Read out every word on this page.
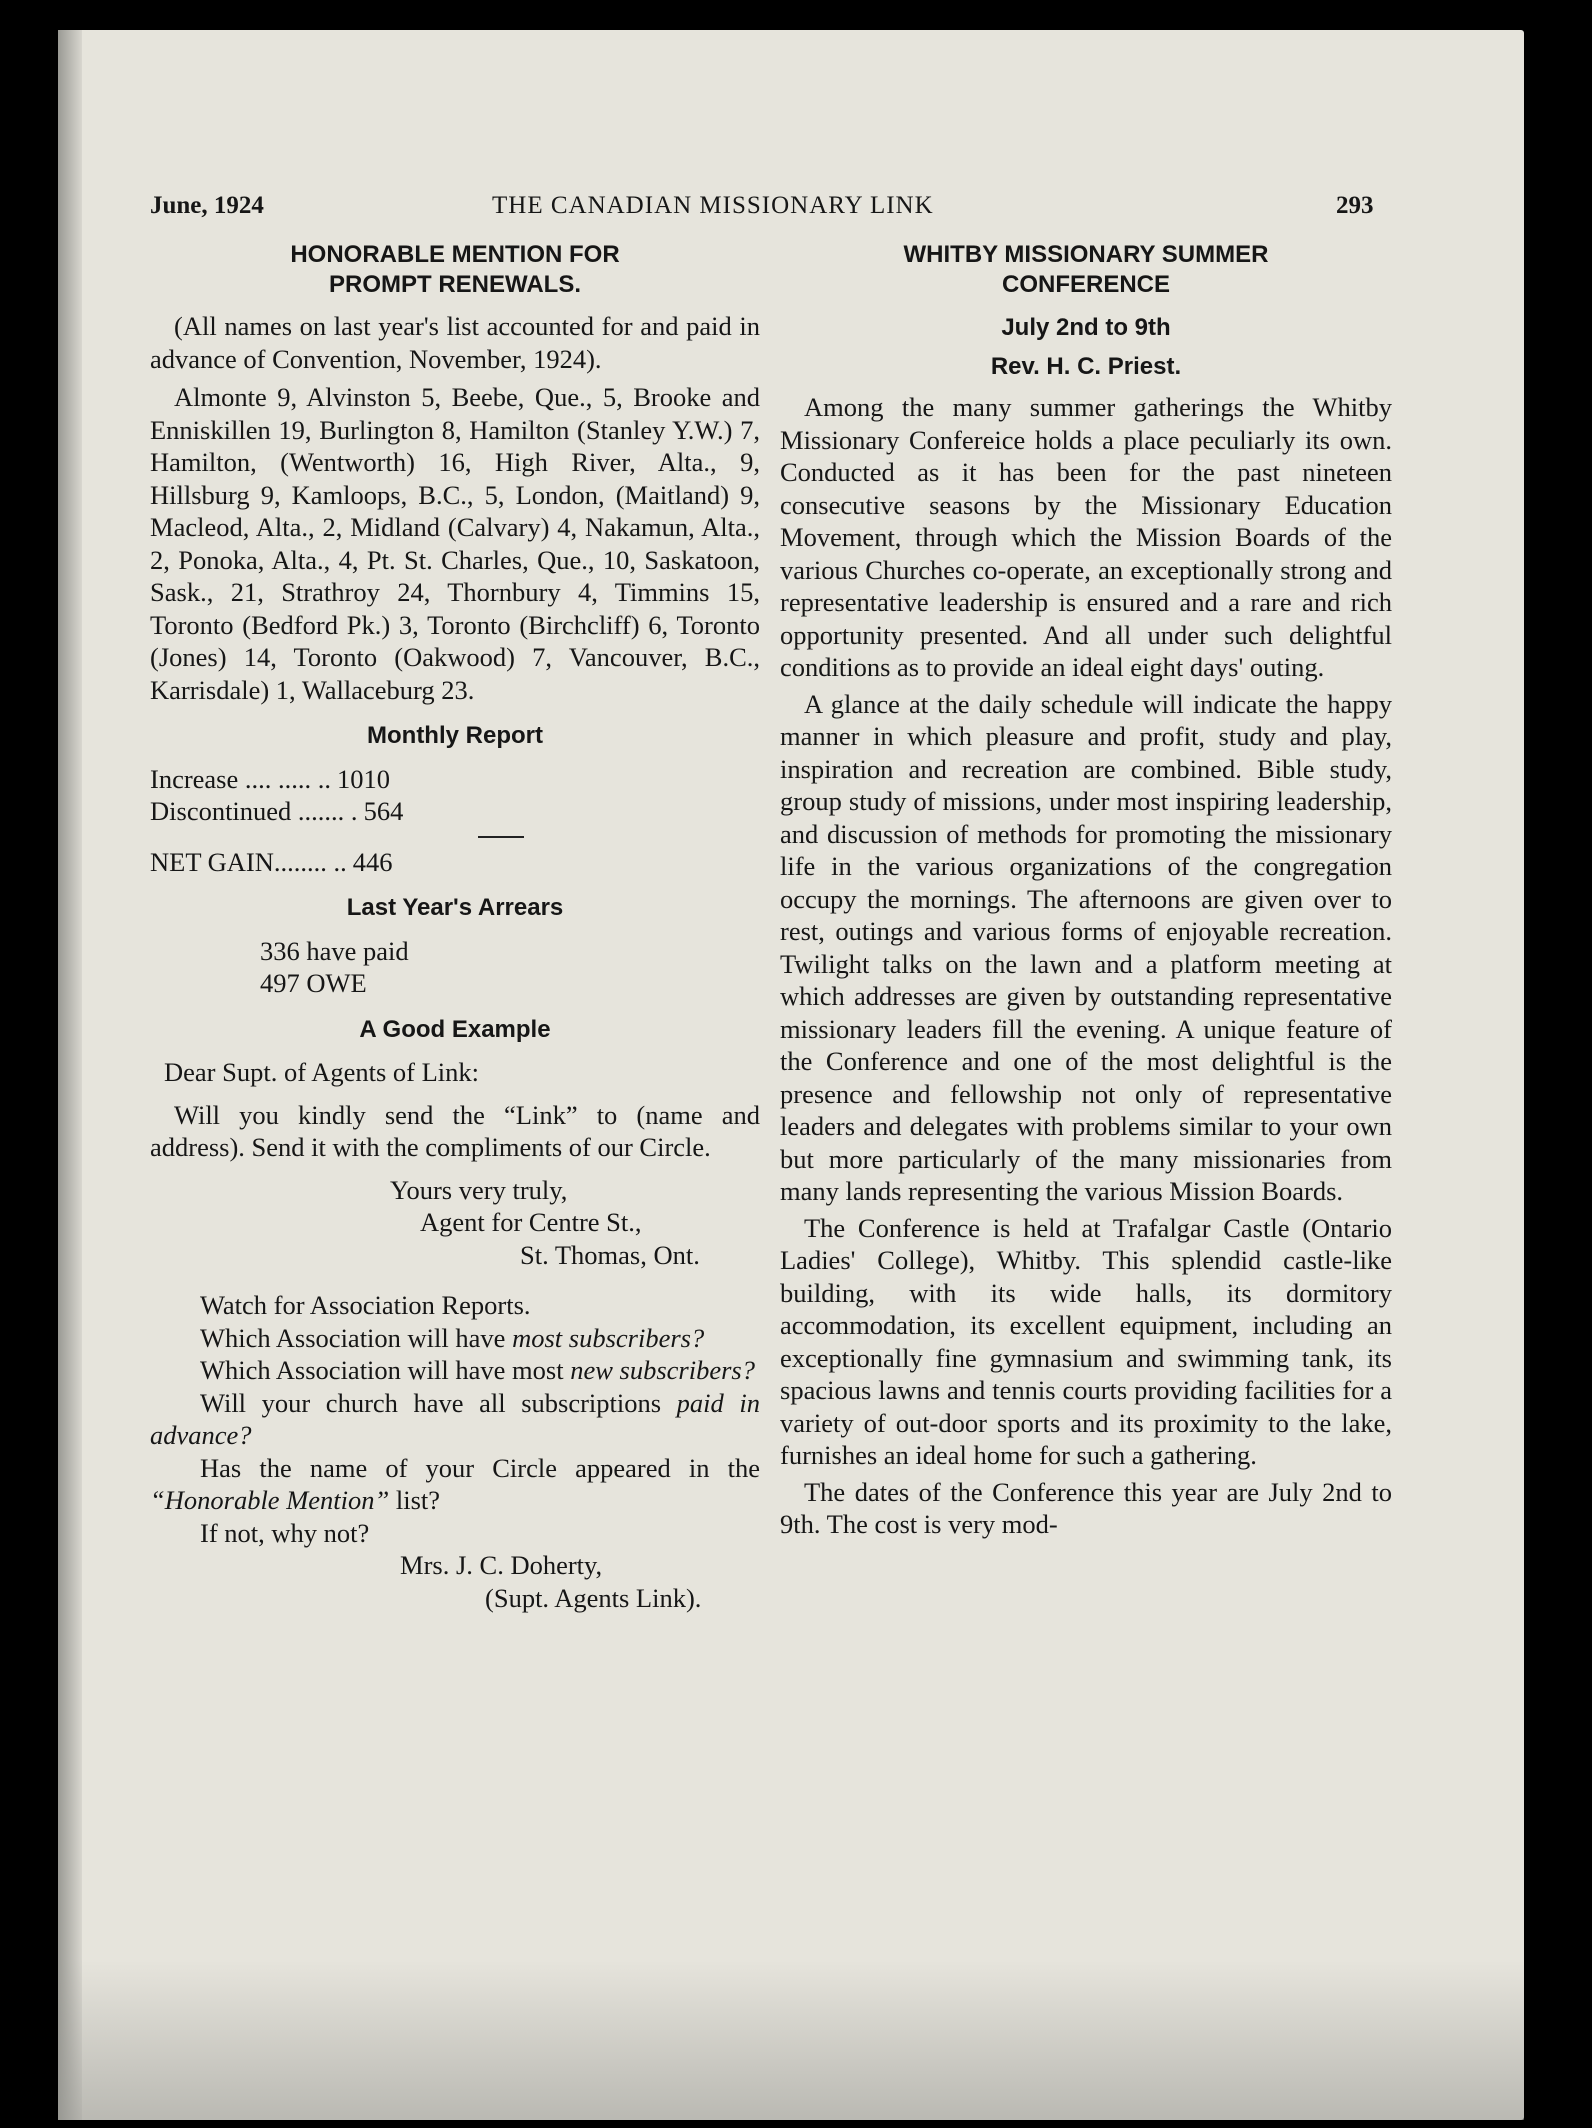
June, 1924	THE CANADIAN MISSIONARY LINK	293
HONORABLE MENTION FOR
PROMPT RENEWALS.

(All names on last year's list accounted for and paid in advance of Convention, November, 1924).

Almonte 9, Alvinston 5, Beebe, Que., 5, Brooke and Enniskillen 19, Burlington 8, Hamilton (Stanley Y.W.) 7, Hamilton, (Wentworth) 16, High River, Alta., 9, Hillsburg 9, Kamloops, B.C., 5, London, (Maitland) 9, Macleod, Alta., 2, Midland (Calvary) 4, Nakamun, Alta., 2, Ponoka, Alta., 4, Pt. St. Charles, Que., 10, Saskatoon, Sask., 21, Strathroy 24, Thornbury 4, Timmins 15, Toronto (Bedford Pk.) 3, Toronto (Birchcliff) 6, Toronto (Jones) 14, Toronto (Oakwood) 7, Vancouver, B.C., Karrisdale) 1, Wallaceburg 23.

Monthly Report
Increase .... ..... .. 1010
Discontinued ....... . 564
NET GAIN........ .. 446
Last Year's Arrears
336 have paid
497 OWE
A Good Example

Dear Supt. of Agents of Link:

Will you kindly send the “Link” to (name and address). Send it with the compliments of our Circle.

Yours very truly,
Agent for Centre St.,
St. Thomas, Ont.

Watch for Association Reports.

Which Association will have most subscribers?

Which Association will have most new subscribers?

Will your church have all subscriptions paid in advance?

Has the name of your Circle appeared in the “Honorable Mention” list?

If not, why not?

Mrs. J. C. Doherty,
(Supt. Agents Link).
WHITBY MISSIONARY SUMMER
CONFERENCE
July 2nd to 9th
Rev. H. C. Priest.

Among the many summer gatherings the Whitby Missionary Confereice holds a place peculiarly its own. Conducted as it has been for the past nineteen consecutive seasons by the Missionary Education Movement, through which the Mission Boards of the various Churches co-operate, an exceptionally strong and representative leadership is ensured and a rare and rich opportunity presented. And all under such delightful conditions as to provide an ideal eight days' outing.

A glance at the daily schedule will indicate the happy manner in which pleasure and profit, study and play, inspiration and recreation are combined. Bible study, group study of missions, under most inspiring leadership, and discussion of methods for promoting the missionary life in the various organizations of the congregation occupy the mornings. The afternoons are given over to rest, outings and various forms of enjoyable recreation. Twilight talks on the lawn and a platform meeting at which addresses are given by outstanding representative missionary leaders fill the evening. A unique feature of the Conference and one of the most delightful is the presence and fellowship not only of representative leaders and delegates with problems similar to your own but more particularly of the many missionaries from many lands representing the various Mission Boards.

The Conference is held at Trafalgar Castle (Ontario Ladies' College), Whitby. This splendid castle-like building, with its wide halls, its dormitory accommodation, its excellent equipment, including an exceptionally fine gymnasium and swimming tank, its spacious lawns and tennis courts providing facilities for a variety of out-door sports and its proximity to the lake, furnishes an ideal home for such a gathering.

The dates of the Conference this year are July 2nd to 9th. The cost is very mod-
